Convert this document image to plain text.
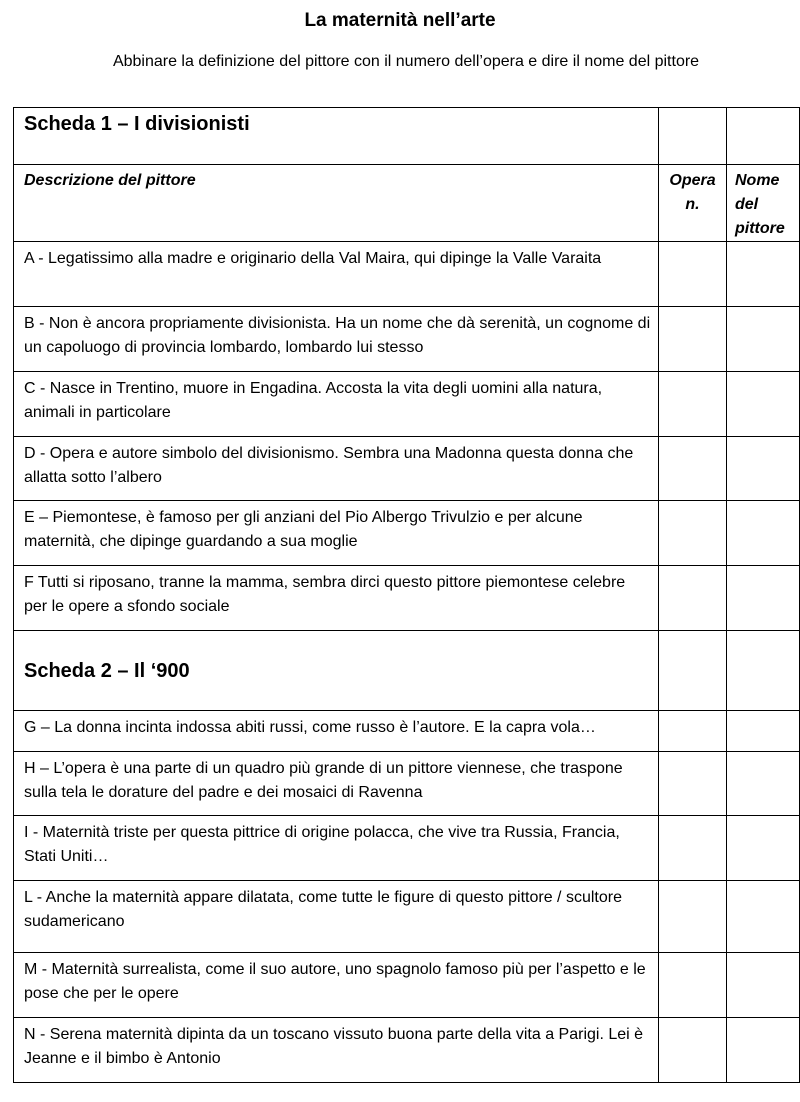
La maternità nell’arte
Abbinare la definizione del pittore con il numero dell’opera e dire il nome del pittore
Scheda 1 – I divisionisti		
Descrizione del pittore	Opera n.	Nome del pittore
A - Legatissimo alla madre e originario della Val Maira, qui dipinge la Valle Varaita		
B - Non è ancora propriamente divisionista. Ha un nome che dà serenità, un cognome di un capoluogo di provincia lombardo, lombardo lui stesso		
C - Nasce in Trentino, muore in Engadina. Accosta la vita degli uomini alla natura, animali in particolare		
D - Opera e autore simbolo del divisionismo. Sembra una Madonna questa donna che allatta sotto l’albero		
E – Piemontese, è famoso per gli anziani del Pio Albergo Trivulzio e per alcune maternità, che dipinge guardando a sua moglie		
F Tutti si riposano, tranne la mamma, sembra dirci questo pittore piemontese celebre per le opere a sfondo sociale		
Scheda 2 – Il ‘900		
G – La donna incinta indossa abiti russi, come russo è l’autore. E la capra vola…		
H – L’opera è una parte di un quadro più grande di un pittore viennese, che traspone sulla tela le dorature del padre e dei mosaici di Ravenna		
I - Maternità triste per questa pittrice di origine polacca, che vive tra Russia, Francia, Stati Uniti…		
L - Anche la maternità appare dilatata, come tutte le figure di questo pittore / scultore sudamericano		
M - Maternità surrealista, come il suo autore, uno spagnolo famoso più per l’aspetto e le pose che per le opere		
N - Serena maternità dipinta da un toscano vissuto buona parte della vita a Parigi. Lei è Jeanne e il bimbo è Antonio		
